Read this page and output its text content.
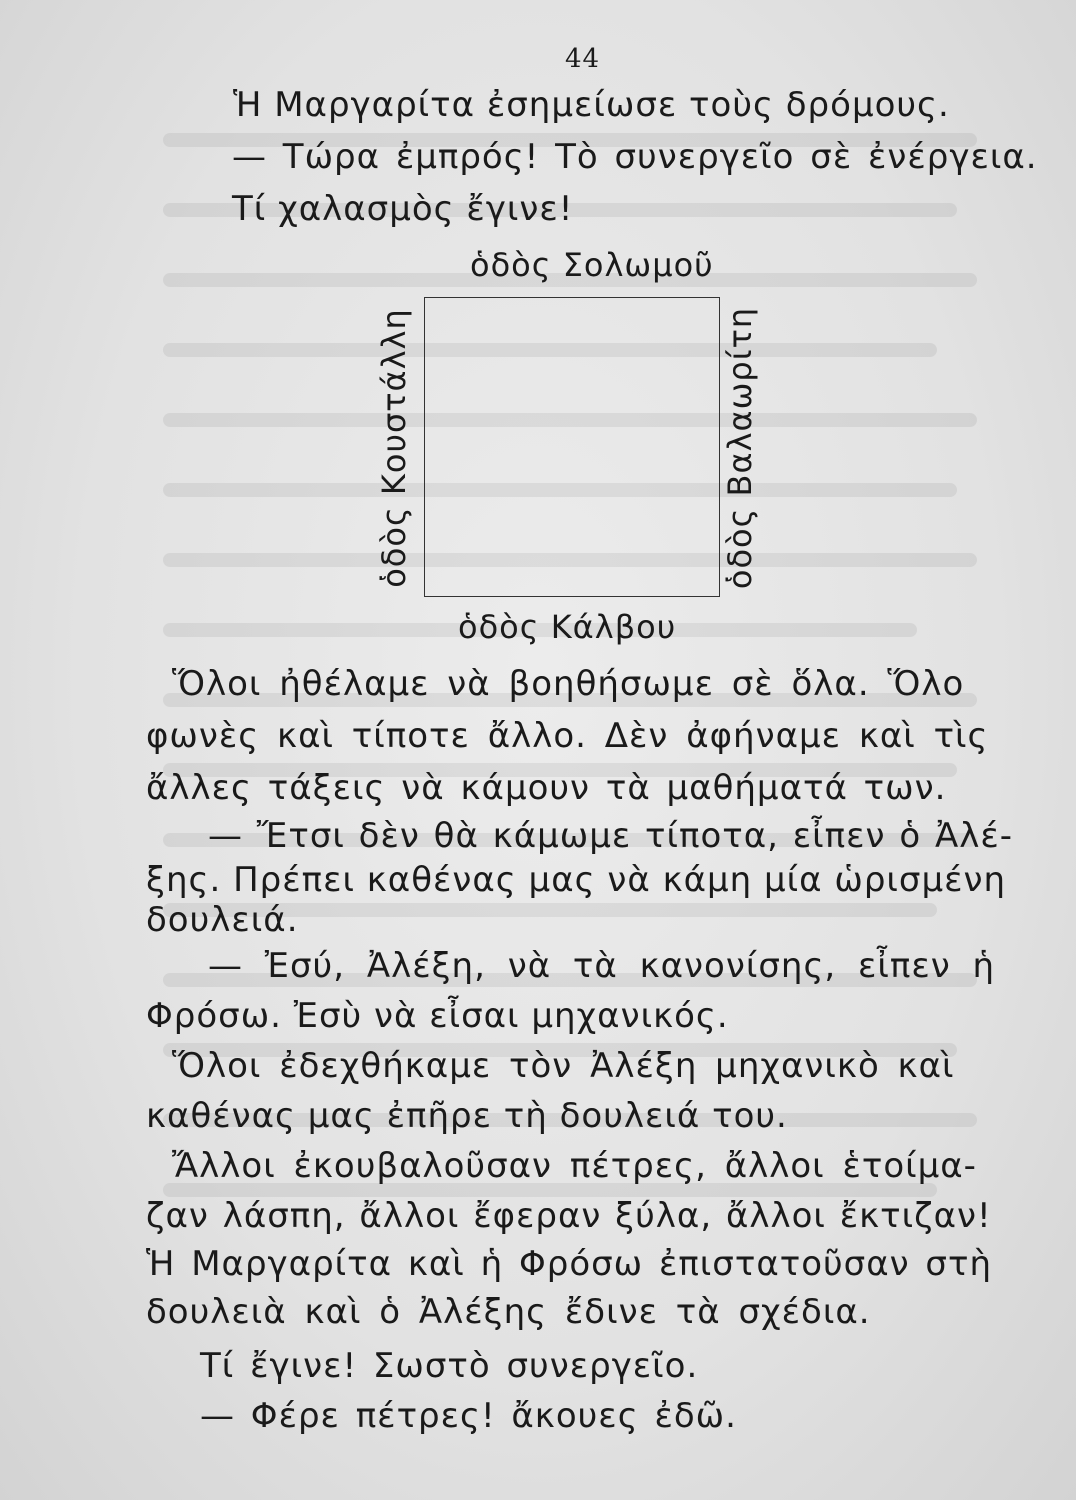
44
Ἡ Μαργαρίτα ἐσημείωσε τοὺς δρόμους.
— Τώρα ἐμπρός! Τὸ συνεργεῖο σὲ ἐνέργεια.
Τί χαλασμὸς ἔγινε!
ὁδὸς Σολωμοῦ
ὁδὸς Κουστάλλη	ὁδὸς Βαλαωρίτη
ὁδὸς Κάλβου
Ὅλοι ἠθέλαμε νὰ βοηθήσωμε σὲ ὅλα. Ὅλο
φωνὲς καὶ τίποτε ἄλλο. Δὲν ἀφήναμε καὶ τὶς
ἄλλες τάξεις νὰ κάμουν τὰ μαθήματά των.
— Ἔτσι δὲν θὰ κάμωμε τίποτα, εἶπεν ὁ Ἀλέ-
ξης. Πρέπει καθένας μας νὰ κάμη μία ὡρισμένη
δουλειά.
— Ἐσύ, Ἀλέξη, νὰ τὰ κανονίσης, εἶπεν ἡ
Φρόσω. Ἐσὺ νὰ εἶσαι μηχανικός.
Ὅλοι ἐδεχθήκαμε τὸν Ἀλέξη μηχανικὸ καὶ
καθένας μας ἐπῆρε τὴ δουλειά του.
Ἄλλοι ἐκουβαλοῦσαν πέτρες, ἄλλοι ἑτοίμα-
ζαν λάσπη, ἄλλοι ἔφεραν ξύλα, ἄλλοι ἔκτιζαν!
Ἡ Μαργαρίτα καὶ ἡ Φρόσω ἐπιστατοῦσαν στὴ
δουλειὰ καὶ ὁ Ἀλέξης ἔδινε τὰ σχέδια.
Τί ἔγινε! Σωστὸ συνεργεῖο.
— Φέρε πέτρες! ἄκουες ἐδῶ.
